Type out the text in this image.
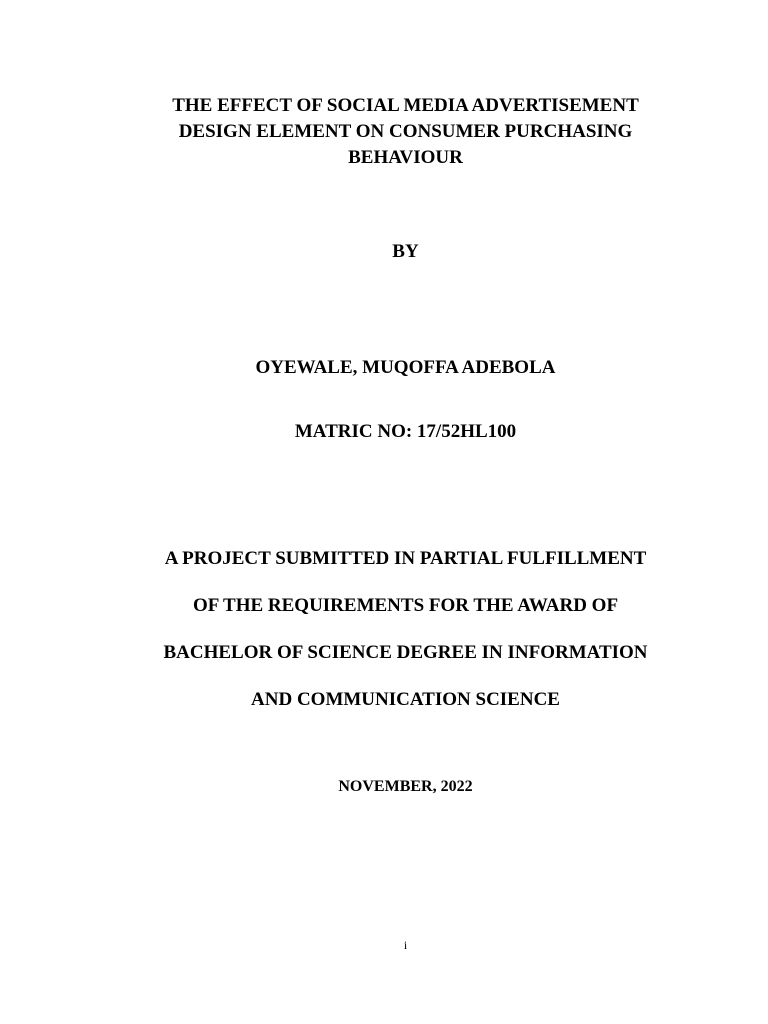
THE EFFECT OF SOCIAL MEDIA ADVERTISEMENT
DESIGN ELEMENT ON CONSUMER PURCHASING
BEHAVIOUR
BY
OYEWALE, MUQOFFA ADEBOLA
MATRIC NO: 17/52HL100
A PROJECT SUBMITTED IN PARTIAL FULFILLMENT
OF THE REQUIREMENTS FOR THE AWARD OF
BACHELOR OF SCIENCE DEGREE IN INFORMATION
AND COMMUNICATION SCIENCE
NOVEMBER, 2022
i
